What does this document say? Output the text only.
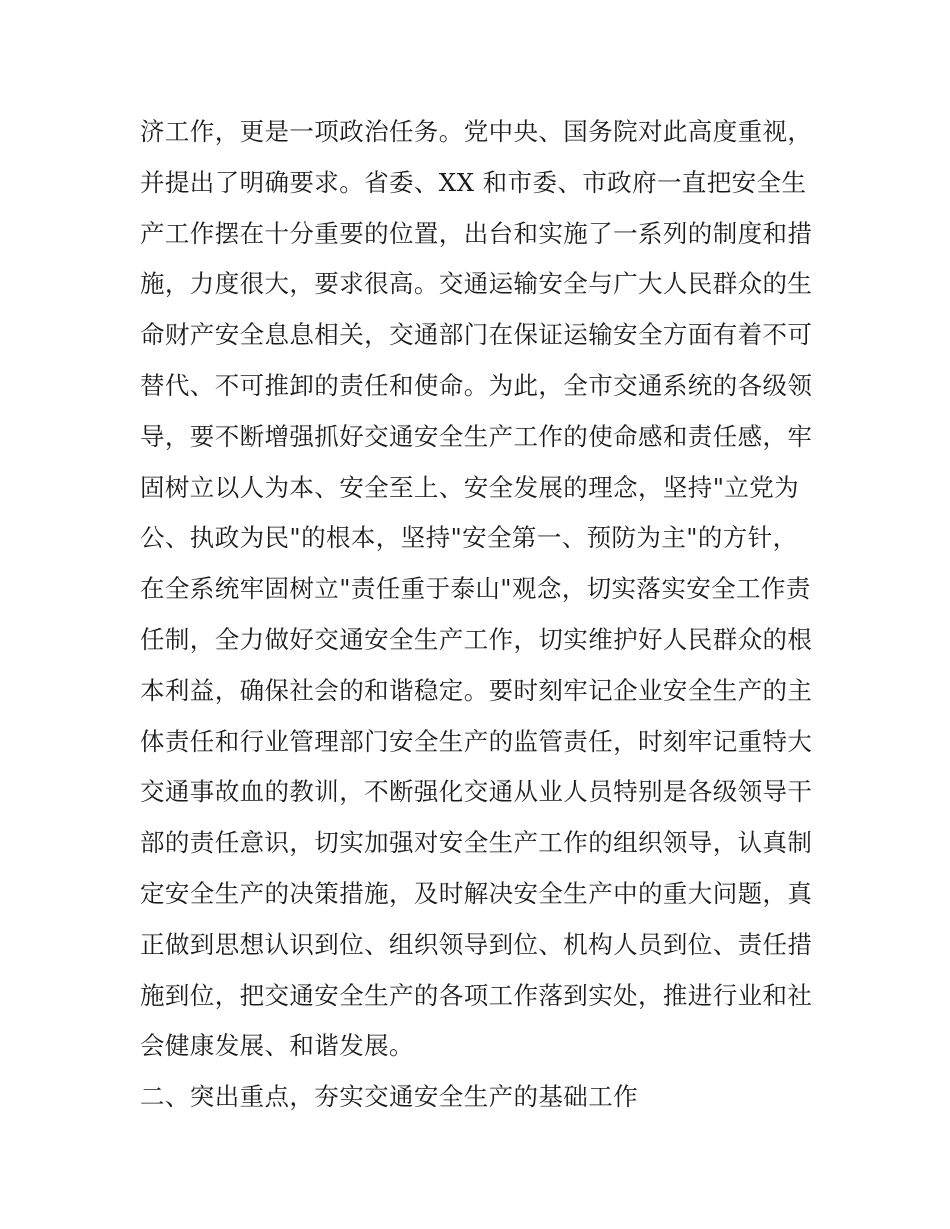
济工作，更是一项政治任务。党中央、国务院对此高度重视，
并提出了明确要求。省委、XX 和市委、市政府一直把安全生
产工作摆在十分重要的位置，出台和实施了一系列的制度和措
施，力度很大，要求很高。交通运输安全与广大人民群众的生
命财产安全息息相关，交通部门在保证运输安全方面有着不可
替代、不可推卸的责任和使命。为此，全市交通系统的各级领
导，要不断增强抓好交通安全生产工作的使命感和责任感，牢
固树立以人为本、安全至上、安全发展的理念，坚持"立党为
公、执政为民"的根本，坚持"安全第一、预防为主"的方针，
在全系统牢固树立"责任重于泰山"观念，切实落实安全工作责
任制，全力做好交通安全生产工作，切实维护好人民群众的根
本利益，确保社会的和谐稳定。要时刻牢记企业安全生产的主
体责任和行业管理部门安全生产的监管责任，时刻牢记重特大
交通事故血的教训，不断强化交通从业人员特别是各级领导干
部的责任意识，切实加强对安全生产工作的组织领导，认真制
定安全生产的决策措施，及时解决安全生产中的重大问题，真
正做到思想认识到位、组织领导到位、机构人员到位、责任措
施到位，把交通安全生产的各项工作落到实处，推进行业和社
会健康发展、和谐发展。
二、突出重点，夯实交通安全生产的基础工作
